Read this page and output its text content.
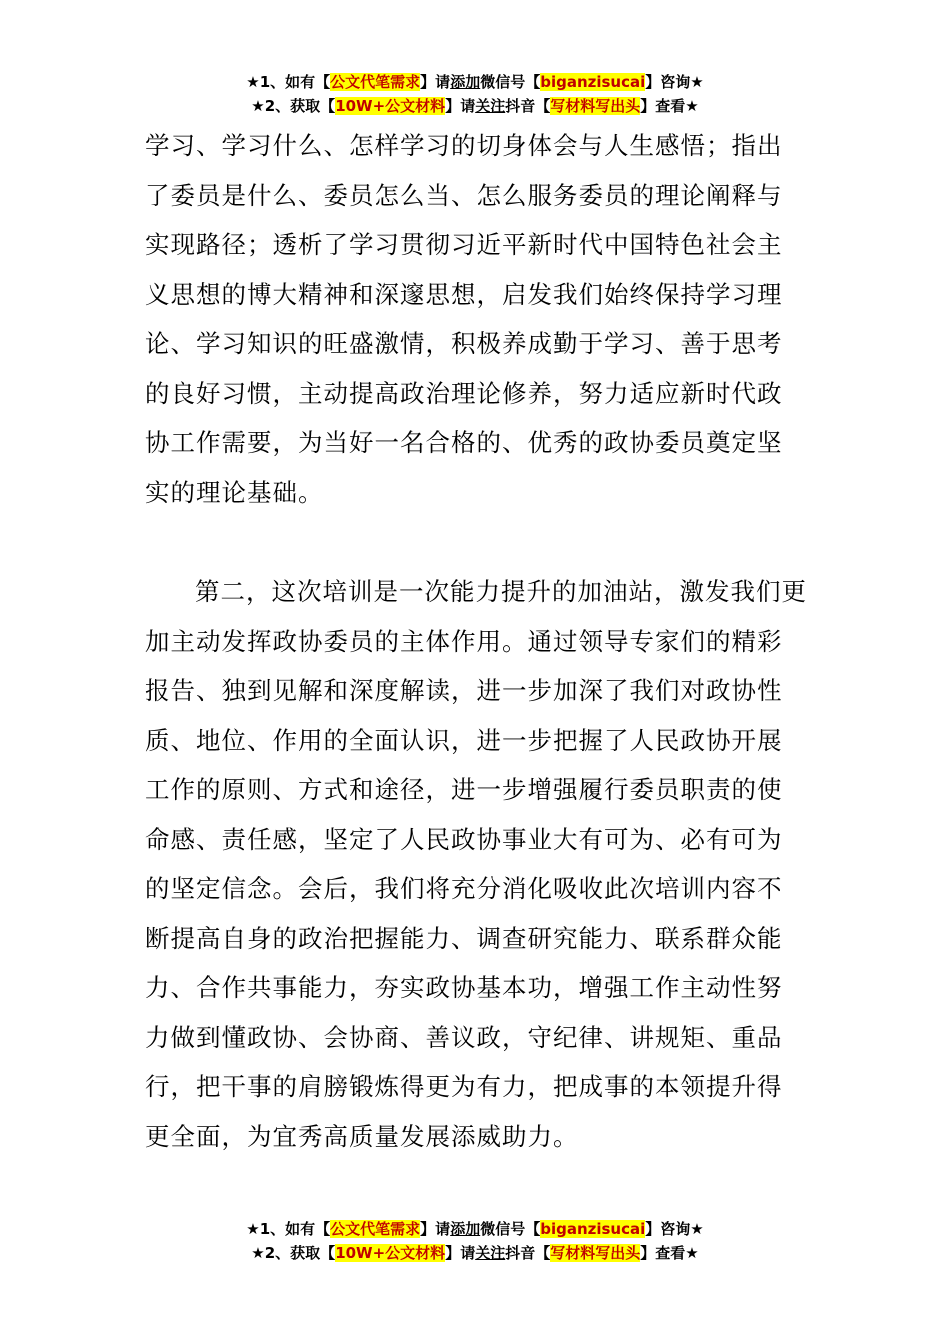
★1、如有【公文代笔需求】请添加微信号【biganzisucai】咨询★
★2、获取【10W+公文材料】请关注抖音【写材料写出头】查看★

学习、学习什么、怎样学习的切身体会与人生感悟；指出了委员是什么、委员怎么当、怎么服务委员的理论阐释与实现路径；透析了学习贯彻习近平新时代中国特色社会主义思想的博大精神和深邃思想，启发我们始终保持学习理论、学习知识的旺盛激情，积极养成勤于学习、善于思考的良好习惯，主动提高政治理论修养，努力适应新时代政协工作需要，为当好一名合格的、优秀的政协委员奠定坚实的理论基础。

第二，这次培训是一次能力提升的加油站，激发我们更加主动发挥政协委员的主体作用。通过领导专家们的精彩报告、独到见解和深度解读，进一步加深了我们对政协性质、地位、作用的全面认识，进一步把握了人民政协开展工作的原则、方式和途径，进一步增强履行委员职责的使命感、责任感，坚定了人民政协事业大有可为、必有可为的坚定信念。会后，我们将充分消化吸收此次培训内容不断提高自身的政治把握能力、调查研究能力、联系群众能力、合作共事能力，夯实政协基本功，增强工作主动性努力做到懂政协、会协商、善议政，守纪律、讲规矩、重品行，把干事的肩膀锻炼得更为有力，把成事的本领提升得更全面，为宜秀高质量发展添威助力。

★1、如有【公文代笔需求】请添加微信号【biganzisucai】咨询★
★2、获取【10W+公文材料】请关注抖音【写材料写出头】查看★
